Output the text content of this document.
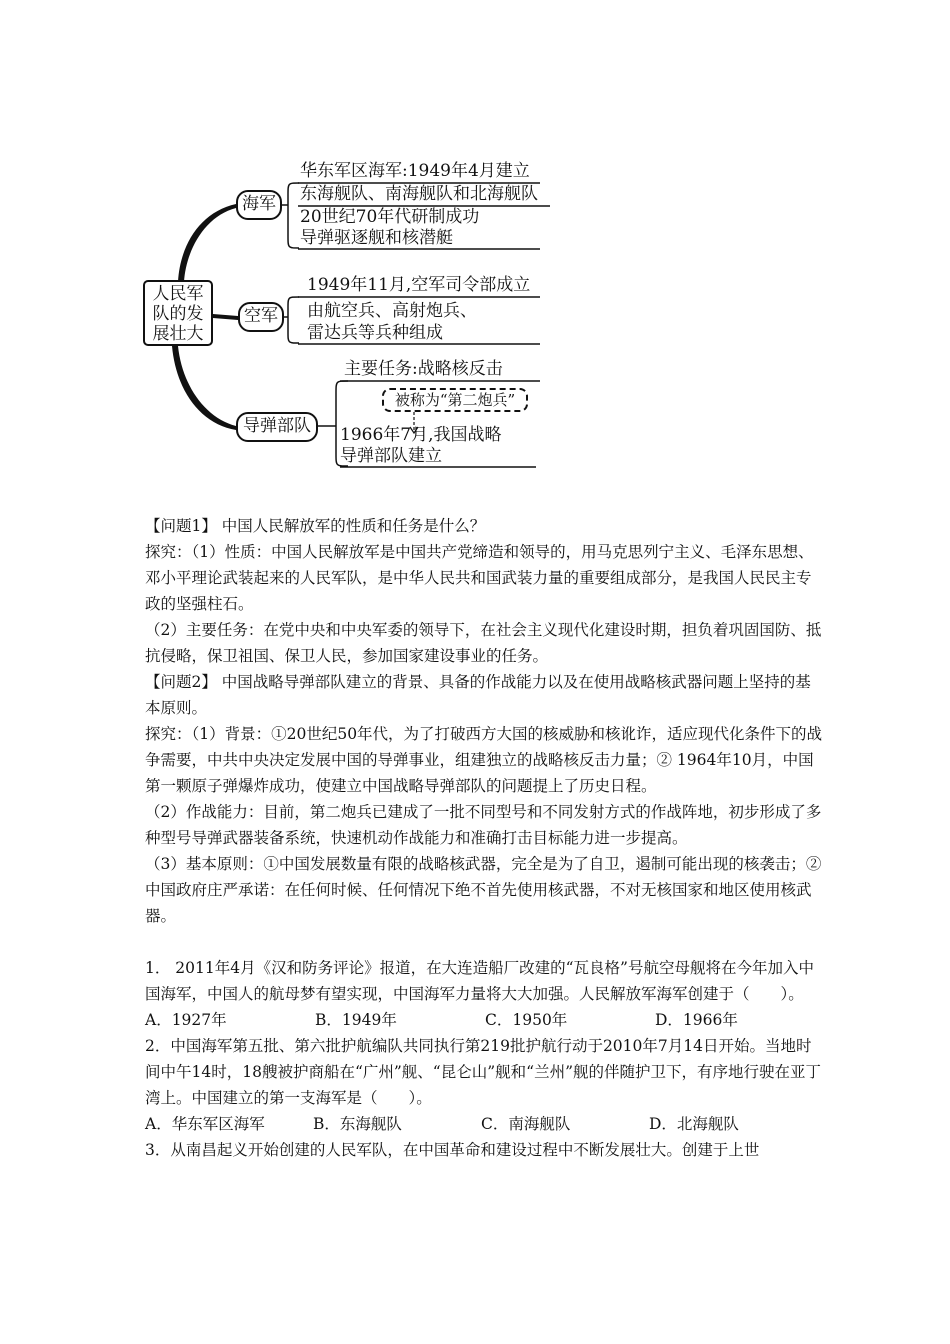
人民军
队的发
展壮大
海军
空军
导弹部队
华东军区海军:1949年4月建立
东海舰队、南海舰队和北海舰队
20世纪70年代研制成功
导弹驱逐舰和核潜艇
1949年11月,空军司令部成立
由航空兵、高射炮兵、
雷达兵等兵种组成
主要任务:战略核反击
被称为“第二炮兵”
1966年7月,我国战略
导弹部队建立

【问题1】 中国人民解放军的性质和任务是什么？

探究：（1）性质：中国人民解放军是中国共产党缔造和领导的，用马克思列宁主义、毛泽东思想、邓小平理论武装起来的人民军队，是中华人民共和国武装力量的重要组成部分，是我国人民民主专政的坚强柱石。

（2）主要任务：在党中央和中央军委的领导下，在社会主义现代化建设时期，担负着巩固国防、抵抗侵略，保卫祖国、保卫人民，参加国家建设事业的任务。

【问题2】 中国战略导弹部队建立的背景、具备的作战能力以及在使用战略核武器问题上坚持的基本原则。

探究：（1）背景：①20世纪50年代，为了打破西方大国的核威胁和核讹诈，适应现代化条件下的战争需要，中共中央决定发展中国的导弹事业，组建独立的战略核反击力量；② 1964年10月，中国第一颗原子弹爆炸成功，使建立中国战略导弹部队的问题提上了历史日程。

（2）作战能力：目前，第二炮兵已建成了一批不同型号和不同发射方式的作战阵地，初步形成了多种型号导弹武器装备系统，快速机动作战能力和准确打击目标能力进一步提高。

（3）基本原则：①中国发展数量有限的战略核武器，完全是为了自卫，遏制可能出现的核袭击；②中国政府庄严承诺：在任何时候、任何情况下绝不首先使用核武器，不对无核国家和地区使用核武器。

1． 2011年4月《汉和防务评论》报道，在大连造船厂改建的“瓦良格”号航空母舰将在今年加入中国海军，中国人的航母梦有望实现，中国海军力量将大大加强。人民解放军海军创建于（　　）。

A．1927年	B．1949年	C．1950年	D．1966年

2．中国海军第五批、第六批护航编队共同执行第219批护航行动于2010年7月14日开始。当地时间中午14时，18艘被护商船在“广州”舰、“昆仑山”舰和“兰州”舰的伴随护卫下，有序地行驶在亚丁湾上。中国建立的第一支海军是（　　）。

A．华东军区海军	B．东海舰队	C．南海舰队	D．北海舰队

3．从南昌起义开始创建的人民军队，在中国革命和建设过程中不断发展壮大。创建于上世
